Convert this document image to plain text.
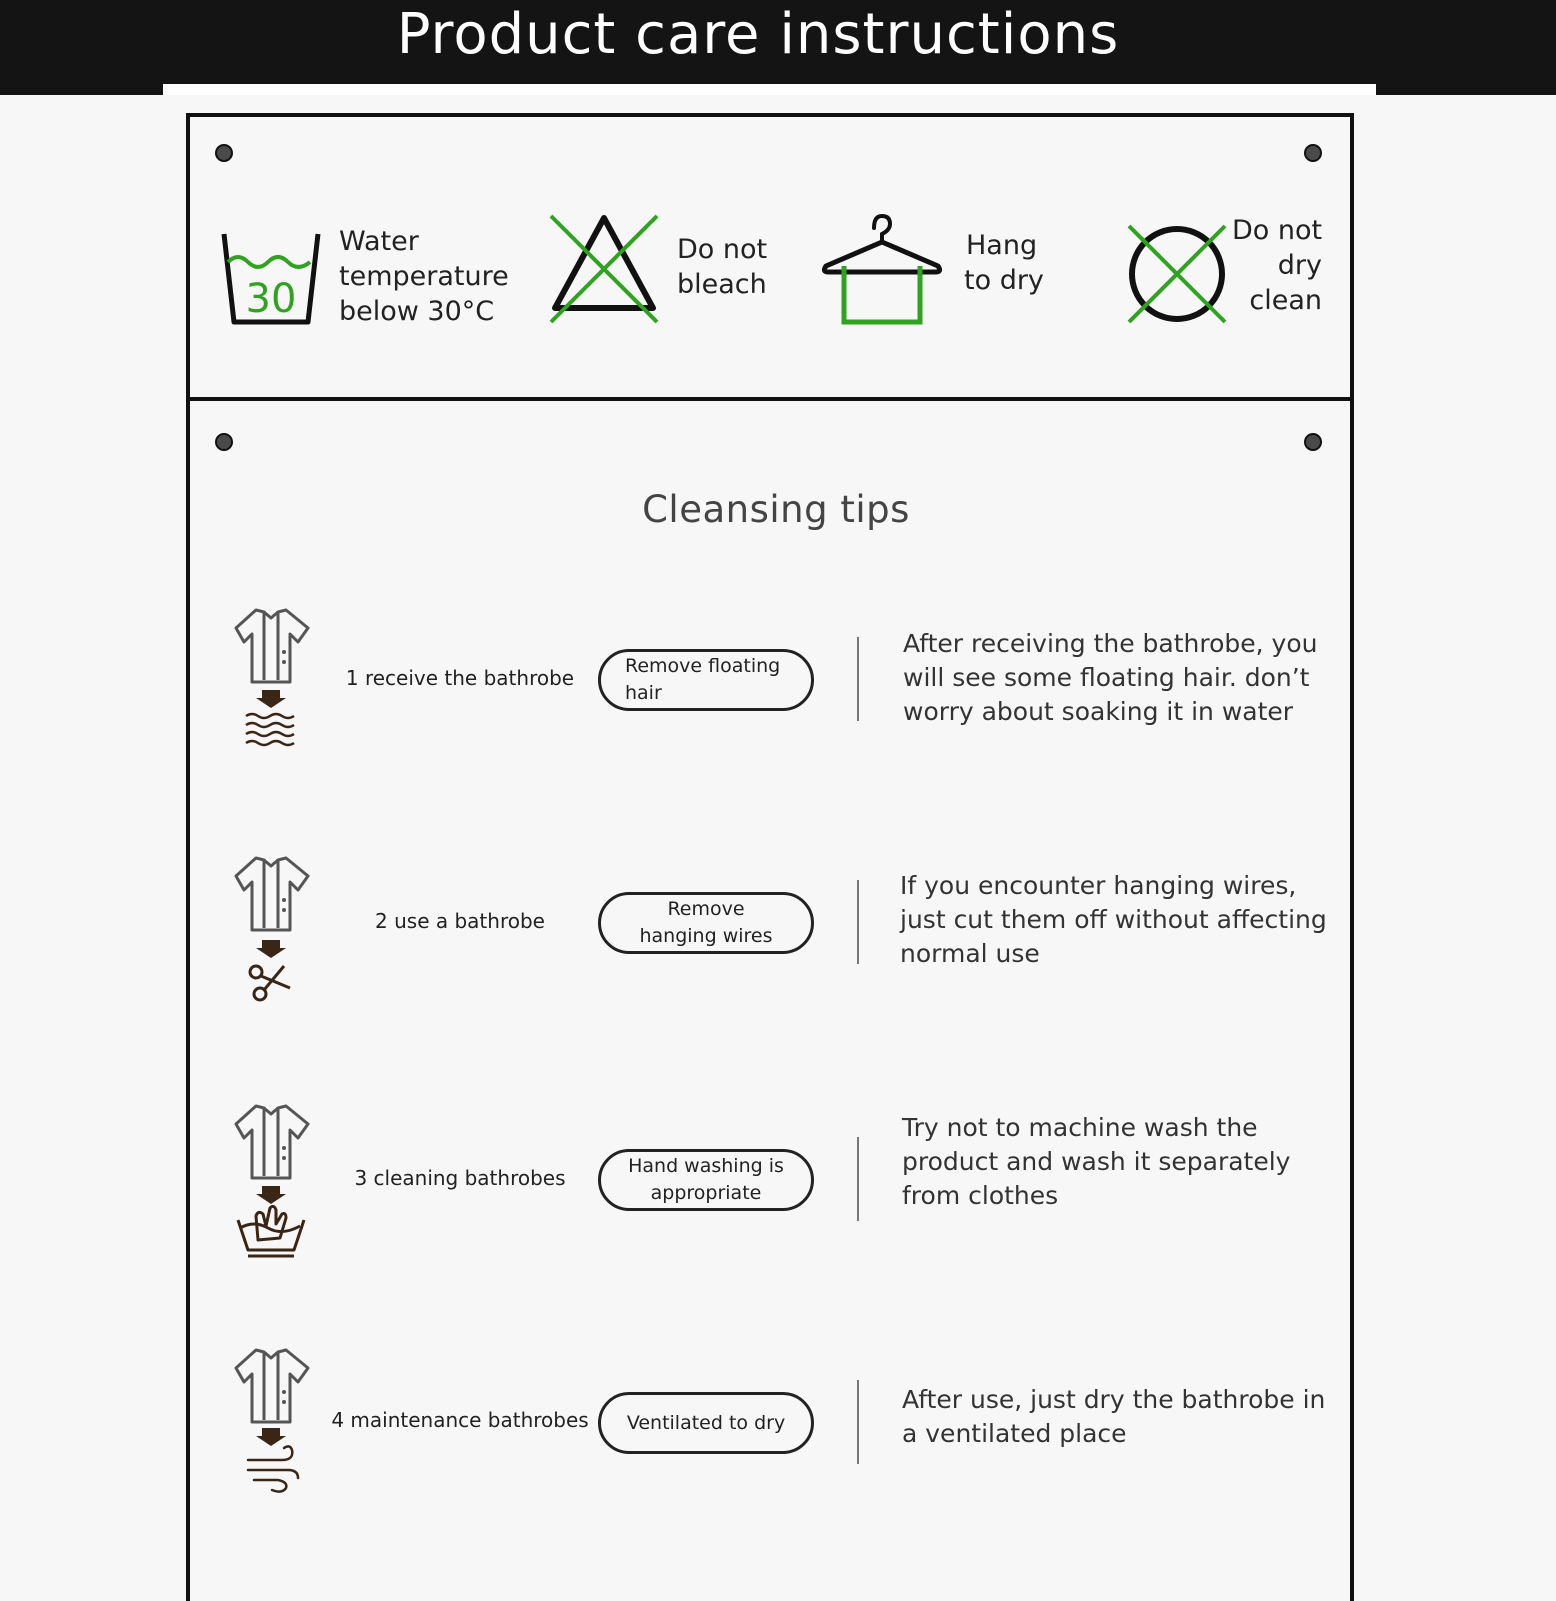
Product care instructions
30
Water
temperature
below 30°C
Do not
bleach
Hang
to dry
Do not
dry
clean
Cleansing tips
1 receive the bathrobe	Remove floating
hair
After receiving the bathrobe, you
will see some floating hair. don’t
worry about soaking it in water
2 use a bathrobe	Remove
hanging wires
If you encounter hanging wires,
just cut them off without affecting
normal use
3 cleaning bathrobes	Hand washing is
appropriate
Try not to machine wash the
product and wash it separately
from clothes
4 maintenance bathrobes Ventilated to dry
After use, just dry the bathrobe in
a ventilated place
